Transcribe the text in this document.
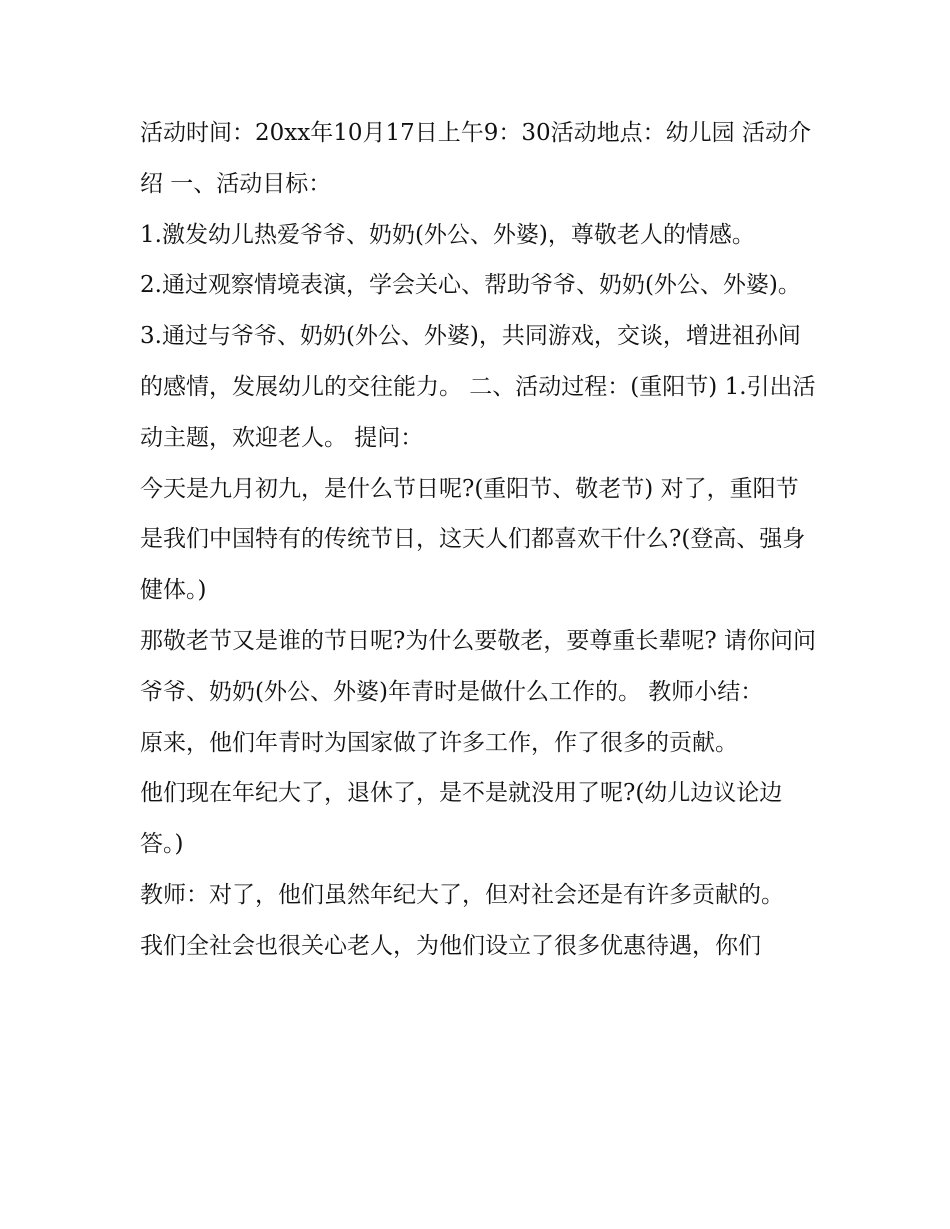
活动时间：20xx年10月17日上午9：30活动地点：幼儿园 活动介绍 一、活动目标：

1.激发幼儿热爱爷爷、奶奶(外公、外婆)，尊敬老人的情感。

2.通过观察情境表演，学会关心、帮助爷爷、奶奶(外公、外婆)。

3.通过与爷爷、奶奶(外公、外婆)，共同游戏，交谈，增进祖孙间的感情，发展幼儿的交往能力。 二、活动过程：(重阳节) 1.引出活动主题，欢迎老人。 提问：

今天是九月初九，是什么节日呢?(重阳节、敬老节) 对了，重阳节是我们中国特有的传统节日，这天人们都喜欢干什么?(登高、强身健体。)

那敬老节又是谁的节日呢?为什么要敬老，要尊重长辈呢? 请你问问爷爷、奶奶(外公、外婆)年青时是做什么工作的。 教师小结：

原来，他们年青时为国家做了许多工作，作了很多的贡献。

他们现在年纪大了，退休了，是不是就没用了呢?(幼儿边议论边答。)

教师：对了，他们虽然年纪大了，但对社会还是有许多贡献的。

我们全社会也很关心老人，为他们设立了很多优惠待遇，你们
